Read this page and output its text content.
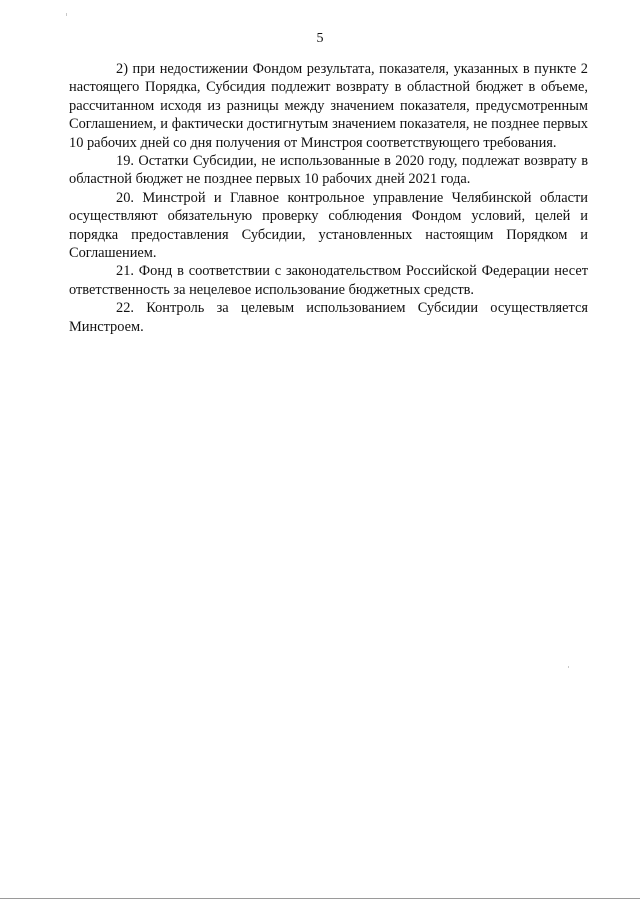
5

2) при недостижении Фондом результата, показателя, указанных в пункте 2 настоящего Порядка, Субсидия подлежит возврату в областной бюджет в объеме, рассчитанном исходя из разницы между значением показателя, предусмотренным Соглашением, и фактически достигнутым значением показателя, не позднее первых 10 рабочих дней со дня получения от Минстроя соответствующего требования.

19. Остатки Субсидии, не использованные в 2020 году, подлежат возврату в областной бюджет не позднее первых 10 рабочих дней 2021 года.

20. Минстрой и Главное контрольное управление Челябинской области осуществляют обязательную проверку соблюдения Фондом условий, целей и порядка предоставления Субсидии, установленных настоящим Порядком и Соглашением.

21. Фонд в соответствии с законодательством Российской Федерации несет ответственность за нецелевое использование бюджетных средств.

22. Контроль за целевым использованием Субсидии осуществляется Минстроем.
